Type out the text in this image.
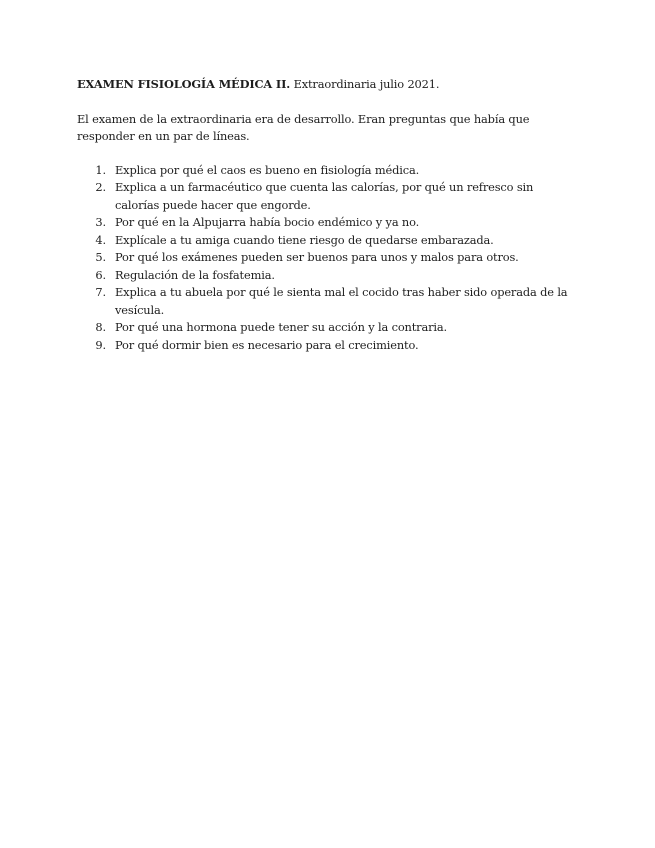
EXAMEN FISIOLOGÍA MÉDICA II. Extraordinaria julio 2021.

El examen de la extraordinaria era de desarrollo. Eran preguntas que había que responder en un par de líneas.

1. Explica por qué el caos es bueno en fisiología médica.
2. Explica a un farmacéutico que cuenta las calorías, por qué un refresco sin calorías puede hacer que engorde.
3. Por qué en la Alpujarra había bocio endémico y ya no.
4. Explícale a tu amiga cuando tiene riesgo de quedarse embarazada.
5. Por qué los exámenes pueden ser buenos para unos y malos para otros.
6. Regulación de la fosfatemia.
7. Explica a tu abuela por qué le sienta mal el cocido tras haber sido operada de la vesícula.
8. Por qué una hormona puede tener su acción y la contraria.
9. Por qué dormir bien es necesario para el crecimiento.
